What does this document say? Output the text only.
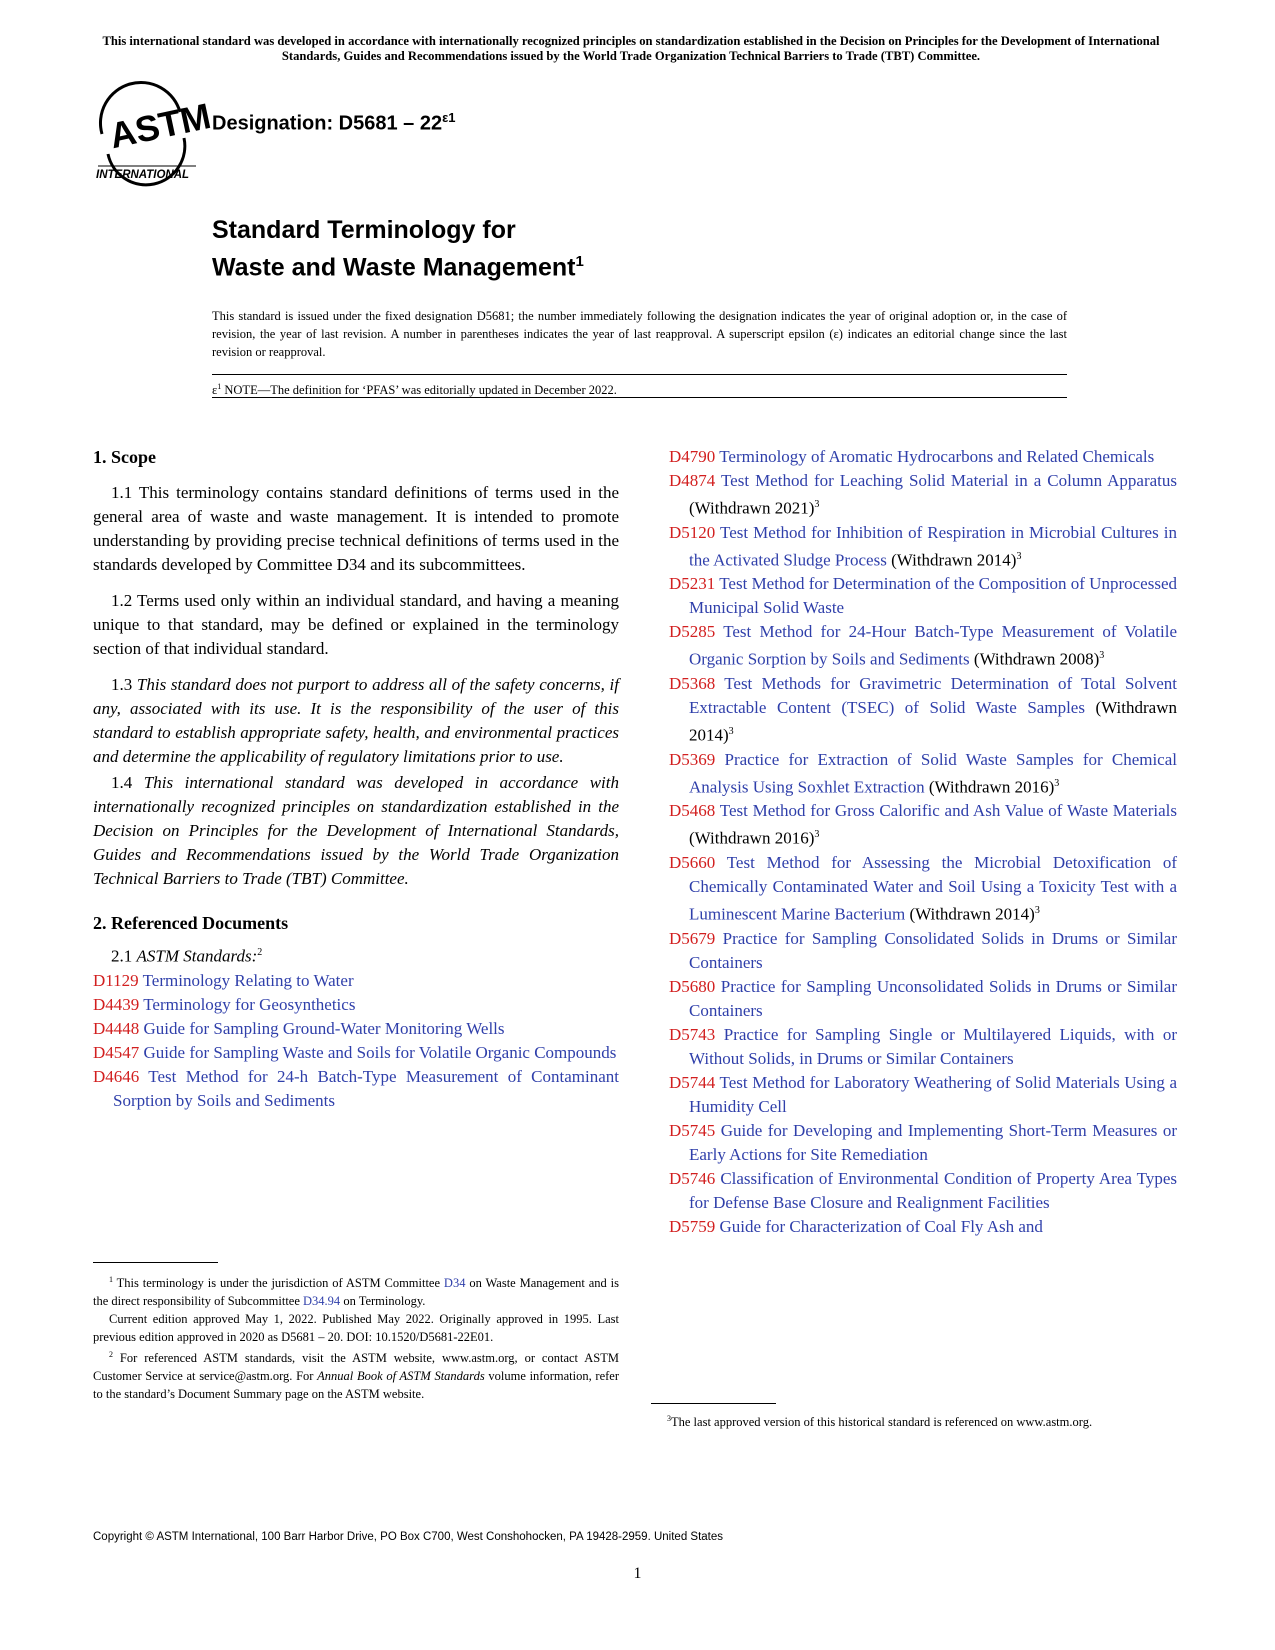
This international standard was developed in accordance with internationally recognized principles on standardization established in the Decision on Principles for the Development of International Standards, Guides and Recommendations issued by the World Trade Organization Technical Barriers to Trade (TBT) Committee.
ASTM
INTERNATIONAL
Designation: $D5681 - 22^{\varepsilon 1}$
Standard Terminology for
Waste and Waste Management$^1$
This standard is issued under the fixed designation D5681; the number immediately following the designation indicates the year of original adoption or, in the case of revision, the year of last revision. A number in parentheses indicates the year of last reapproval. A superscript epsilon (ε) indicates an editorial change since the last revision or reapproval.
$\varepsilon^1$ NOTE—The definition for ‘PFAS’ was editorially updated in December 2022.
1. Scope

1.1 This terminology contains standard definitions of terms used in the general area of waste and waste management. It is intended to promote understanding by providing precise technical definitions of terms used in the standards developed by Committee D34 and its subcommittees.

1.2 Terms used only within an individual standard, and having a meaning unique to that standard, may be defined or explained in the terminology section of that individual standard.

1.3 This standard does not purport to address all of the safety concerns, if any, associated with its use. It is the responsibility of the user of this standard to establish appropriate safety, health, and environmental practices and determine the applicability of regulatory limitations prior to use.

1.4 This international standard was developed in accordance with internationally recognized principles on standardization established in the Decision on Principles for the Development of International Standards, Guides and Recommendations issued by the World Trade Organization Technical Barriers to Trade (TBT) Committee.

2. Referenced Documents

2.1 ASTM Standards:$^2$

D1129 Terminology Relating to Water

D4439 Terminology for Geosynthetics

D4448 Guide for Sampling Ground-Water Monitoring Wells

D4547 Guide for Sampling Waste and Soils for Volatile Organic Compounds

D4646 Test Method for 24-h Batch-Type Measurement of Contaminant Sorption by Soils and Sediments

D4790 Terminology of Aromatic Hydrocarbons and Related Chemicals

D4874 Test Method for Leaching Solid Material in a Column Apparatus (Withdrawn 2021)$^3$

D5120 Test Method for Inhibition of Respiration in Microbial Cultures in the Activated Sludge Process (Withdrawn 2014)$^3$

D5231 Test Method for Determination of the Composition of Unprocessed Municipal Solid Waste

D5285 Test Method for 24-Hour Batch-Type Measurement of Volatile Organic Sorption by Soils and Sediments (Withdrawn 2008)$^3$

D5368 Test Methods for Gravimetric Determination of Total Solvent Extractable Content (TSEC) of Solid Waste Samples (Withdrawn 2014)$^3$

D5369 Practice for Extraction of Solid Waste Samples for Chemical Analysis Using Soxhlet Extraction (Withdrawn 2016)$^3$

D5468 Test Method for Gross Calorific and Ash Value of Waste Materials (Withdrawn 2016)$^3$

D5660 Test Method for Assessing the Microbial Detoxification of Chemically Contaminated Water and Soil Using a Toxicity Test with a Luminescent Marine Bacterium (Withdrawn 2014)$^3$

D5679 Practice for Sampling Consolidated Solids in Drums or Similar Containers

D5680 Practice for Sampling Unconsolidated Solids in Drums or Similar Containers

D5743 Practice for Sampling Single or Multilayered Liquids, with or Without Solids, in Drums or Similar Containers

D5744 Test Method for Laboratory Weathering of Solid Materials Using a Humidity Cell

D5745 Guide for Developing and Implementing Short-Term Measures or Early Actions for Site Remediation

D5746 Classification of Environmental Condition of Property Area Types for Defense Base Closure and Realignment Facilities

D5759 Guide for Characterization of Coal Fly Ash and

$^1$ This terminology is under the jurisdiction of ASTM Committee D34 on Waste Management and is the direct responsibility of Subcommittee D34.94 on Terminology.

Current edition approved May 1, 2022. Published May 2022. Originally approved in 1995. Last previous edition approved in 2020 as D5681 – 20. DOI: 10.1520/D5681-22E01.

$^2$ For referenced ASTM standards, visit the ASTM website, www.astm.org, or contact ASTM Customer Service at service@astm.org. For Annual Book of ASTM Standards volume information, refer to the standard’s Document Summary page on the ASTM website.

$^3$The last approved version of this historical standard is referenced on www.astm.org.

Copyright © ASTM International, 100 Barr Harbor Drive, PO Box C700, West Conshohocken, PA 19428-2959. United States
1
